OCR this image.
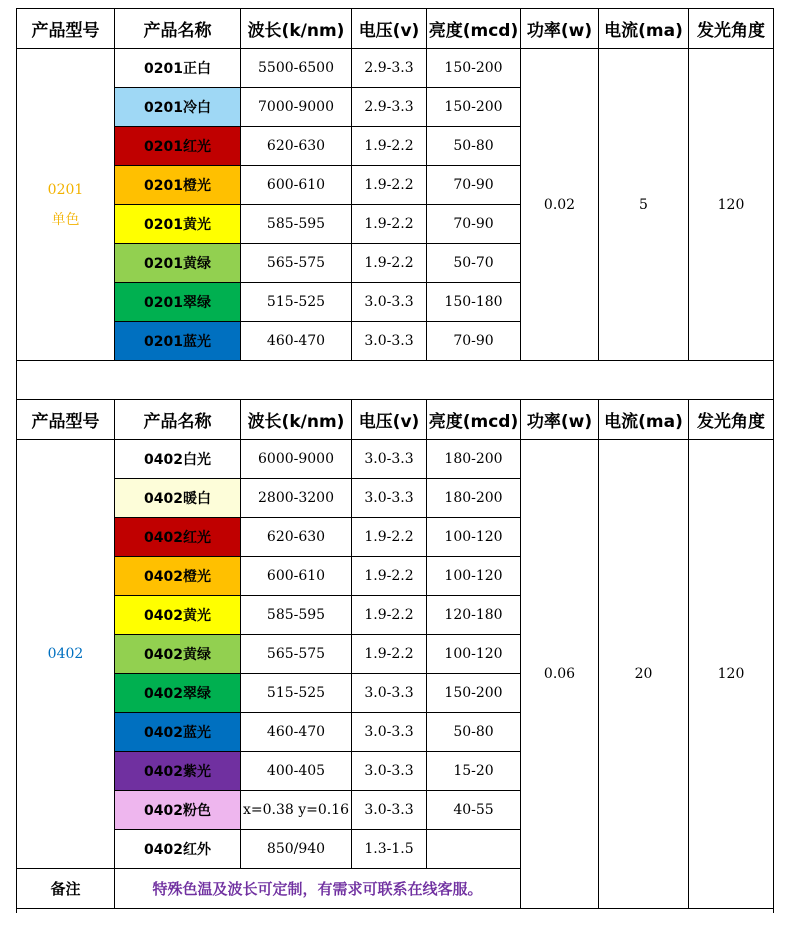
产品型号	产品名称	波长(k/nm)	电压(v)	亮度(mcd)	功率(w)	电流(ma)	发光角度

0201
单色	0201正白	5500-6500	2.9-3.3	150-200	0.02	5	120
	0201冷白	7000-9000	2.9-3.3	150-200			
	0201红光	620-630	1.9-2.2	50-80			
	0201橙光	600-610	1.9-2.2	70-90			
	0201黄光	585-595	1.9-2.2	70-90			
	0201黄绿	565-575	1.9-2.2	50-70			
	0201翠绿	515-525	3.0-3.3	150-180			
	0201蓝光	460-470	3.0-3.3	70-90			

产品型号	产品名称	波长(k/nm)	电压(v)	亮度(mcd)	功率(w)	电流(ma)	发光角度

0402	0402白光	6000-9000	3.0-3.3	180-200	0.06	20	120
	0402暖白	2800-3200	3.0-3.3	180-200			
	0402红光	620-630	1.9-2.2	100-120			
	0402橙光	600-610	1.9-2.2	100-120			
	0402黄光	585-595	1.9-2.2	120-180			
	0402黄绿	565-575	1.9-2.2	100-120			
	0402翠绿	515-525	3.0-3.3	150-200			
	0402蓝光	460-470	3.0-3.3	50-80			
	0402紫光	400-405	3.0-3.3	15-20			
	0402粉色	x=0.38 y=0.16	3.0-3.3	40-55			
	0402红外	850/940	1.3-1.5				
备注	特殊色温及波长可定制，有需求可联系在线客服。						
